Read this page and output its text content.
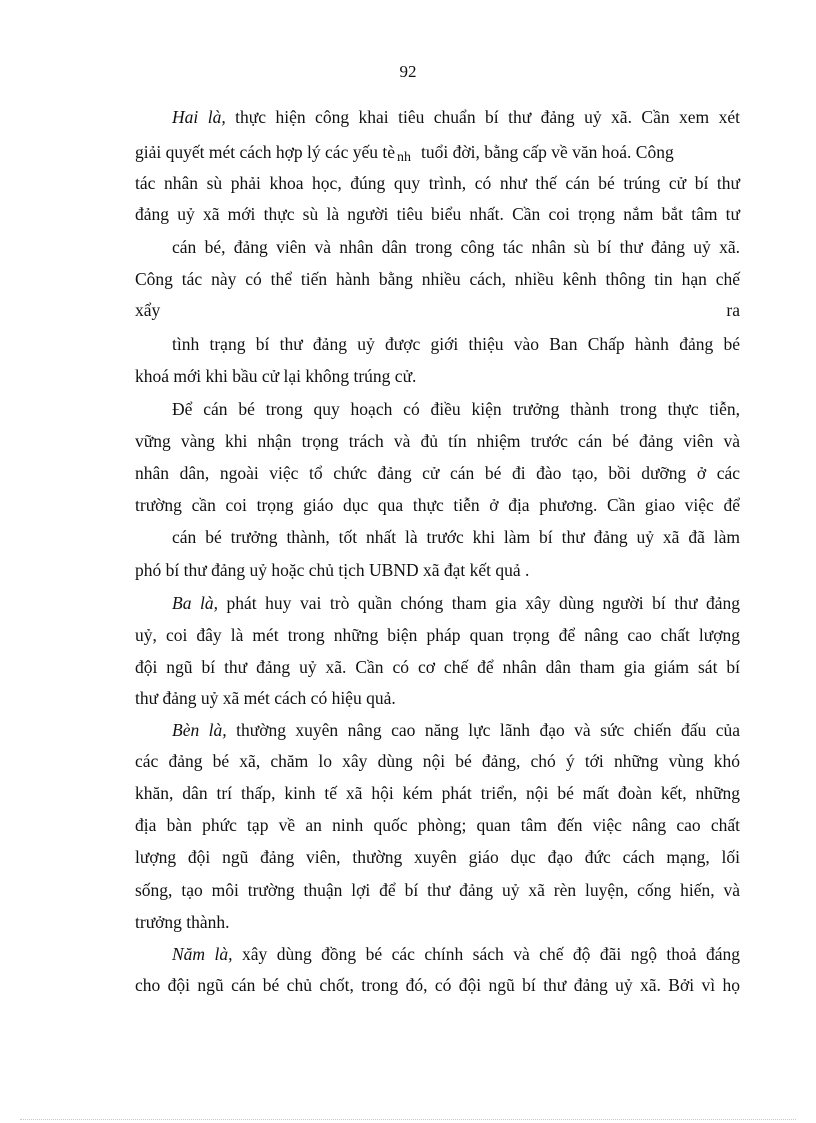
92
Hai là, thực hiện công khai tiêu chuẩn bí thư đảng uỷ xã. Cần xem xét
giải quyết mét cách hợp lý các yếu tè nh tuổi đời, bằng cấp về văn hoá. Công
tác nhân sù phải khoa học, đúng quy trình, có như thế cán bé trúng cử bí thư
đảng uỷ xã mới thực sù là người tiêu biểu nhất. Cần coi trọng nắm bắt tâm tư
cán bé, đảng viên và nhân dân trong công tác nhân sù bí thư đảng uỷ xã.
Công tác này có thể tiến hành bằng nhiều cách, nhiều kênh thông tin hạn chế
xẩy	ra
tình trạng bí thư đảng uỷ được giới thiệu vào Ban Chấp hành đảng bé
khoá mới khi bầu cử lại không trúng cử.
Để cán bé trong quy hoạch có điều kiện trưởng thành trong thực tiễn,
vững vàng khi nhận trọng trách và đủ tín nhiệm trước cán bé đảng viên và
nhân dân, ngoài việc tổ chức đảng cử cán bé đi đào tạo, bồi dưỡng ở các
trường cần coi trọng giáo dục qua thực tiễn ở địa phương. Cần giao việc để
cán bé trưởng thành, tốt nhất là trước khi làm bí thư đảng uỷ xã đã làm
phó bí thư đảng uỷ hoặc chủ tịch UBND xã đạt kết quả .
Ba là, phát huy vai trò quần chóng tham gia xây dùng người bí thư đảng
uỷ, coi đây là mét trong những biện pháp quan trọng để nâng cao chất lượng
đội ngũ bí thư đảng uỷ xã. Cần có cơ chế để nhân dân tham gia giám sát bí
thư đảng uỷ xã mét cách có hiệu quả.
Bèn là, thường xuyên nâng cao năng lực lãnh đạo và sức chiến đấu của
các đảng bé xã, chăm lo xây dùng nội bé đảng, chó ý tới những vùng khó
khăn, dân trí thấp, kinh tế xã hội kém phát triển, nội bé mất đoàn kết, những
địa bàn phức tạp về an ninh quốc phòng; quan tâm đến việc nâng cao chất
lượng đội ngũ đảng viên, thường xuyên giáo dục đạo đức cách mạng, lối
sống, tạo môi trường thuận lợi để bí thư đảng uỷ xã rèn luyện, cống hiến, và
trưởng thành.
Năm là, xây dùng đồng bé các chính sách và chế độ đãi ngộ thoả đáng
cho đội ngũ cán bé chủ chốt, trong đó, có đội ngũ bí thư đảng uỷ xã. Bởi vì họ
